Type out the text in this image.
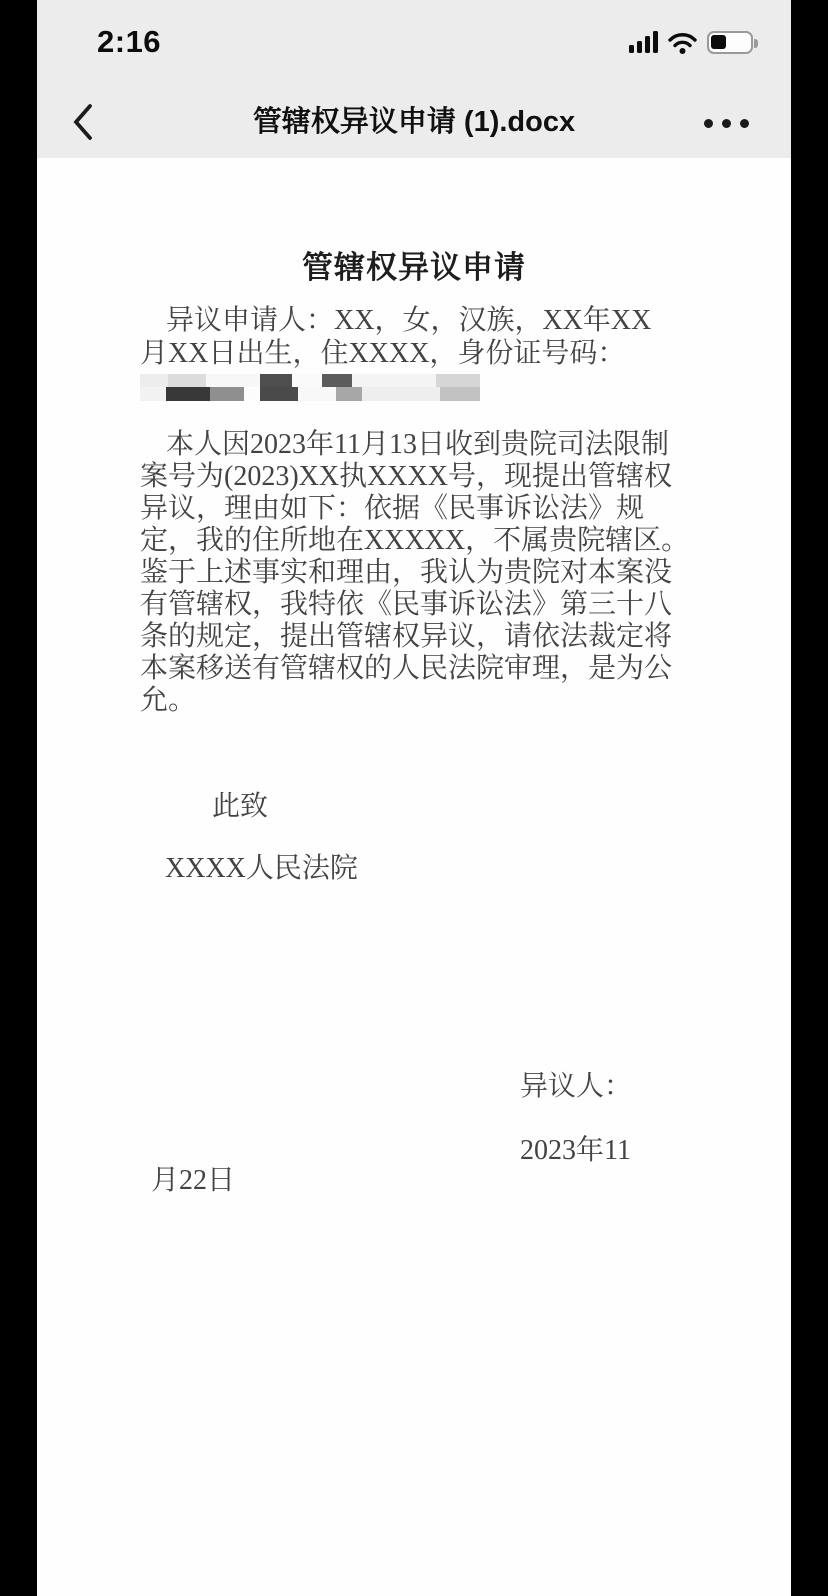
2:16
管辖权异议申请 (1).docx
管辖权异议申请
异议申请人：XX，女，汉族，XX年XX
月XX日出生，住XXXX，身份证号码：
本人因2023年11月13日收到贵院司法限制
案号为(2023)XX执XXXX号，现提出管辖权
异议，理由如下：依据《民事诉讼法》规
定，我的住所地在XXXXX，不属贵院辖区。
鉴于上述事实和理由，我认为贵院对本案没
有管辖权，我特依《民事诉讼法》第三十八
条的规定，提出管辖权异议，请依法裁定将
本案移送有管辖权的人民法院审理，是为公
允。
此致
XXXX人民法院
异议人：
2023年11
月22日
